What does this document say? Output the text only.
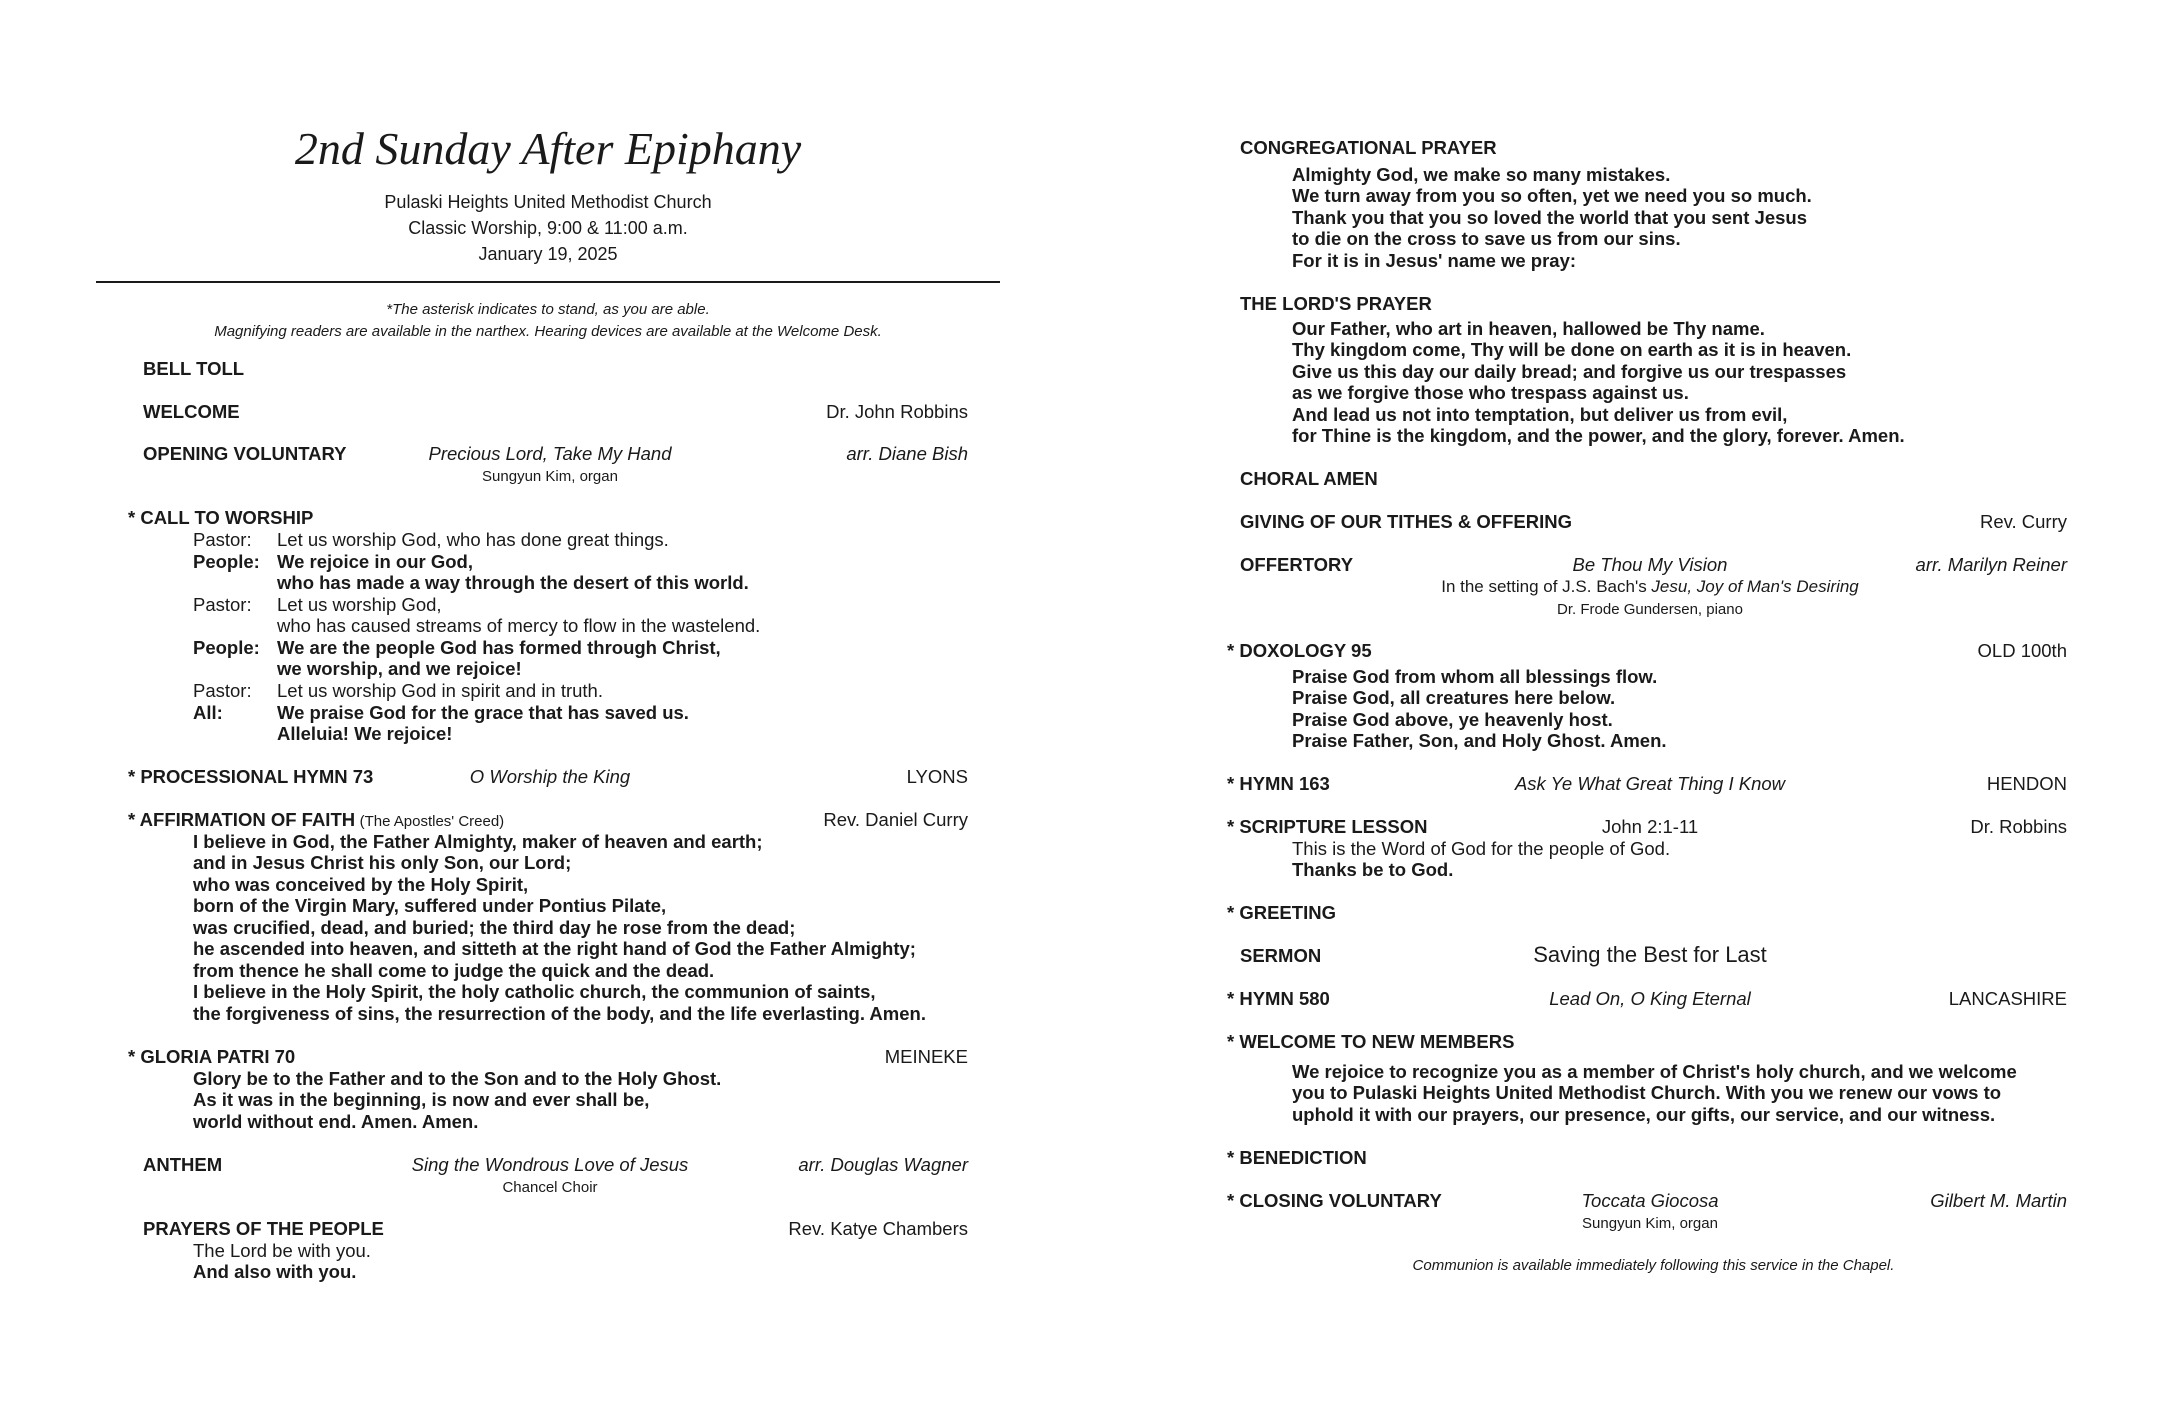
2nd Sunday After Epiphany
Pulaski Heights United Methodist Church
Classic Worship, 9:00 & 11:00 a.m.
January 19, 2025
*The asterisk indicates to stand, as you are able.
Magnifying readers are available in the narthex. Hearing devices are available at the Welcome Desk.
BELL TOLL
WELCOME	Dr. John Robbins
OPENING VOLUNTARY	Precious Lord, Take My Hand	arr. Diane Bish
Sungyun Kim, organ
* CALL TO WORSHIP
Pastor: Let us worship God, who has done great things.
People: We rejoice in our God,
who has made a way through the desert of this world.
Pastor: Let us worship God,
who has caused streams of mercy to flow in the wastelend.
People: We are the people God has formed through Christ,
we worship, and we rejoice!
Pastor: Let us worship God in spirit and in truth.
All:	We praise God for the grace that has saved us.
Alleluia! We rejoice!
* PROCESSIONAL HYMN 73	O Worship the King	LYONS
* AFFIRMATION OF FAITH (The Apostles' Creed)	Rev. Daniel Curry
I believe in God, the Father Almighty, maker of heaven and earth;
and in Jesus Christ his only Son, our Lord;
who was conceived by the Holy Spirit,
born of the Virgin Mary, suffered under Pontius Pilate,
was crucified, dead, and buried; the third day he rose from the dead;
he ascended into heaven, and sitteth at the right hand of God the Father Almighty;
from thence he shall come to judge the quick and the dead.
I believe in the Holy Spirit, the holy catholic church, the communion of saints,
the forgiveness of sins, the resurrection of the body, and the life everlasting. Amen.
* GLORIA PATRI 70	MEINEKE
Glory be to the Father and to the Son and to the Holy Ghost.
As it was in the beginning, is now and ever shall be,
world without end. Amen. Amen.
ANTHEM	Sing the Wondrous Love of Jesus	arr. Douglas Wagner
Chancel Choir
PRAYERS OF THE PEOPLE	Rev. Katye Chambers
The Lord be with you.
And also with you.
CONGREGATIONAL PRAYER
Almighty God, we make so many mistakes.
We turn away from you so often, yet we need you so much.
Thank you that you so loved the world that you sent Jesus
to die on the cross to save us from our sins.
For it is in Jesus' name we pray:
THE LORD'S PRAYER
Our Father, who art in heaven, hallowed be Thy name.
Thy kingdom come, Thy will be done on earth as it is in heaven.
Give us this day our daily bread; and forgive us our trespasses
as we forgive those who trespass against us.
And lead us not into temptation, but deliver us from evil,
for Thine is the kingdom, and the power, and the glory, forever. Amen.
CHORAL AMEN
GIVING OF OUR TITHES & OFFERING	Rev. Curry
OFFERTORY	Be Thou My Vision	arr. Marilyn Reiner
In the setting of J.S. Bach's Jesu, Joy of Man's Desiring
Dr. Frode Gundersen, piano
* DOXOLOGY 95	OLD 100th
Praise God from whom all blessings flow.
Praise God, all creatures here below.
Praise God above, ye heavenly host.
Praise Father, Son, and Holy Ghost. Amen.
* HYMN 163	Ask Ye What Great Thing I Know	HENDON
* SCRIPTURE LESSON	John 2:1-11	Dr. Robbins
This is the Word of God for the people of God.
Thanks be to God.
* GREETING
SERMON	Saving the Best for Last
* HYMN 580	Lead On, O King Eternal	LANCASHIRE
* WELCOME TO NEW MEMBERS
We rejoice to recognize you as a member of Christ's holy church, and we welcome
you to Pulaski Heights United Methodist Church. With you we renew our vows to
uphold it with our prayers, our presence, our gifts, our service, and our witness.
* BENEDICTION
* CLOSING VOLUNTARY	Toccata Giocosa	Gilbert M. Martin
Sungyun Kim, organ
Communion is available immediately following this service in the Chapel.
